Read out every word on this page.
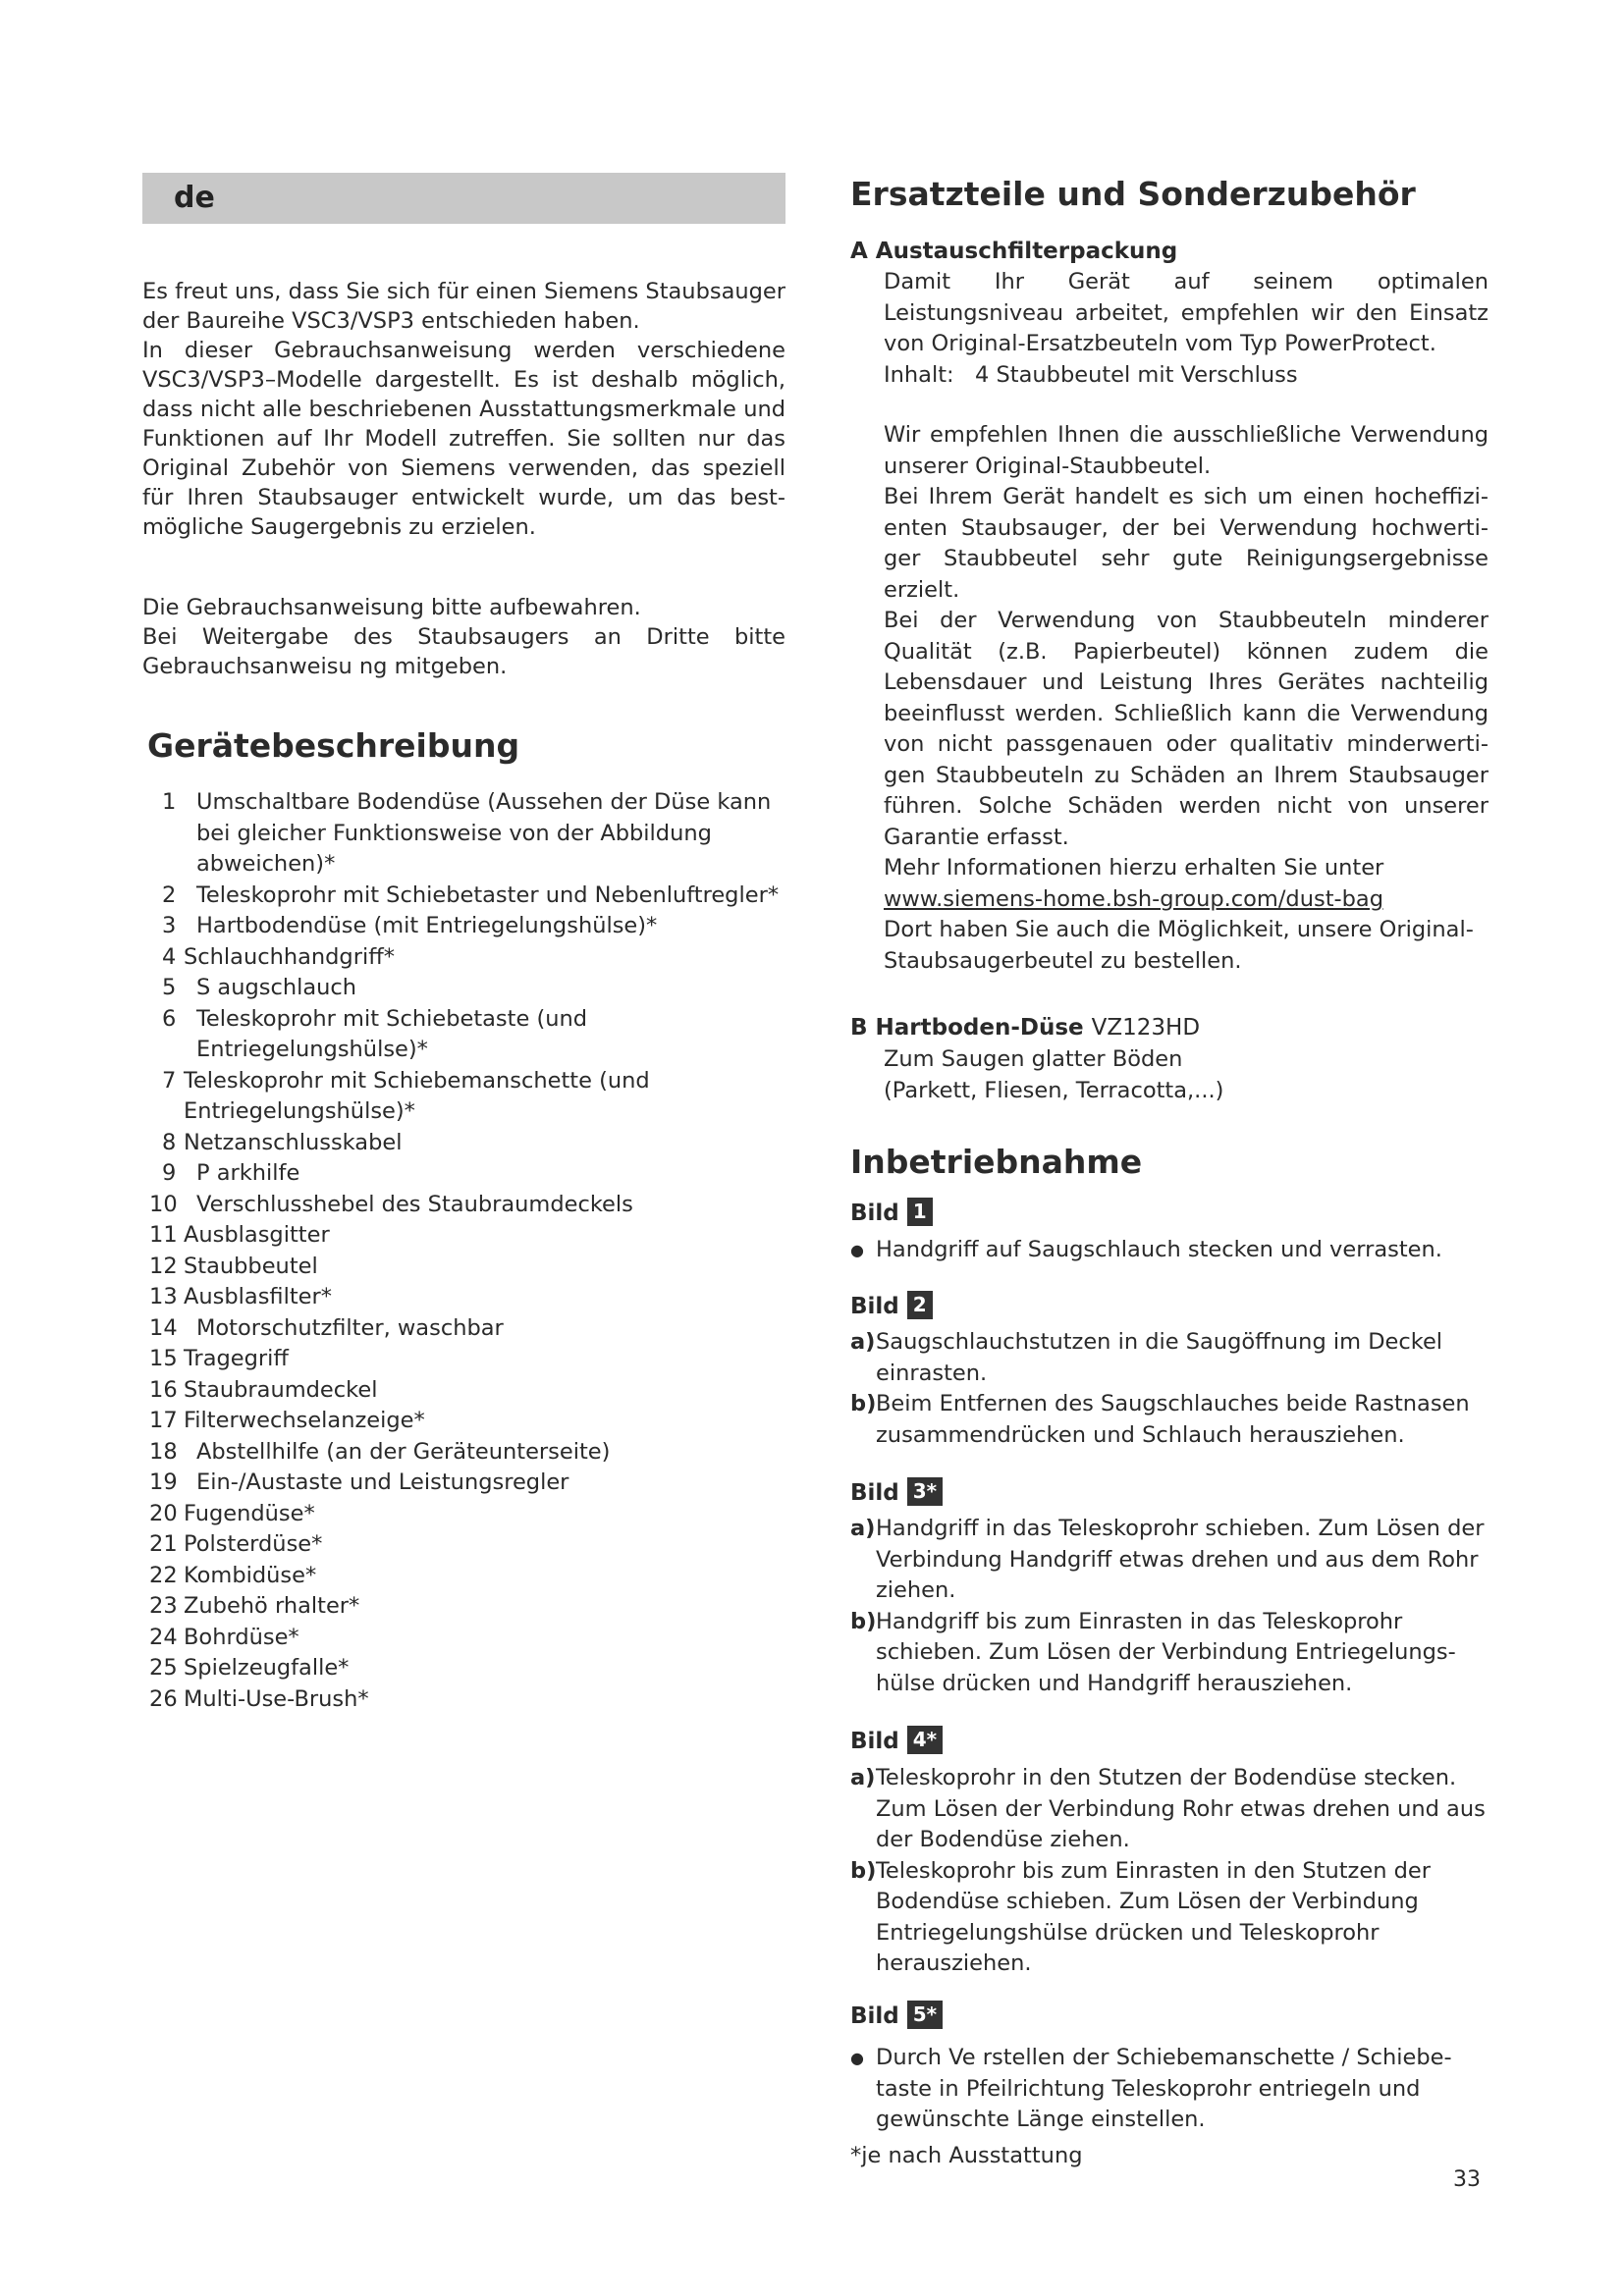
de

Es freut uns, dass Sie sich für einen Siemens Staubsauger der Baureihe VSC3/VSP3 entschieden haben.

In dieser Gebrauchsanweisung werden verschiedene VSC3/VSP3–Modelle dargestellt. Es ist deshalb möglich, dass nicht alle beschriebenen Ausstattungsmerkmale und Funktionen auf Ihr Modell zutreffen. Sie sollten nur das Original Zubehör von Siemens verwenden, das speziell für Ihren Staubsauger entwickelt wurde, um das best-mögliche Saugergebnis zu erzielen.

Die Gebrauchsanweisung bitte aufbewahren.

Bei Weitergabe des Staubsaugers an Dritte bitte Gebrauchsanweisu ng mitgeben.

Gerätebeschreibung
1 Umschaltbare Bodendüse (Aussehen der Düse kann bei gleicher Funktionsweise von der Abbildung abweichen)*
2 Teleskoprohr mit Schiebetaster und Nebenluftregler*
3 Hartbodendüse (mit Entriegelungshülse)*
4 Schlauchhandgriff*
5 S augschlauch
6 Teleskoprohr mit Schiebetaste (und Entriegelungshülse)*
7 Teleskoprohr mit Schiebemanschette (und Entriegelungshülse)*
8 Netzanschlusskabel
9 P arkhilfe
10 Verschlusshebel des Staubraumdeckels
11 Ausblasgitter
12 Staubbeutel
13 Ausblasfilter*
14 Motorschutzfilter, waschbar
15 Tragegriff
16 Staubraumdeckel
17 Filterwechselanzeige*
18 Abstellhilfe (an der Geräteunterseite)
19 Ein-/Austaste und Leistungsregler
20 Fugendüse*
21 Polsterdüse*
22 Kombidüse*
23 Zubehö rhalter*
24 Bohrdüse*
25 Spielzeugfalle*
26 Multi-Use-Brush*
Ersatzteile und Sonderzubehör

A Austauschfilterpackung

Damit Ihr Gerät auf seinem optimalen Leistungsniveau arbeitet, empfehlen wir den Einsatz von Original-Ersatzbeuteln vom Typ PowerProtect.

Inhalt:   4 Staubbeutel mit Verschluss

Wir empfehlen Ihnen die ausschließliche Verwendung unserer Original-Staubbeutel.

Bei Ihrem Gerät handelt es sich um einen hocheffizi-enten Staubsauger, der bei Verwendung hochwerti-ger Staubbeutel sehr gute Reinigungsergebnisse erzielt.

Bei der Verwendung von Staubbeuteln minderer Qualität (z.B. Papierbeutel) können zudem die Lebensdauer und Leistung Ihres Gerätes nachteilig beeinflusst werden. Schließlich kann die Verwendung von nicht passgenauen oder qualitativ minderwerti-gen Staubbeuteln zu Schäden an Ihrem Staubsauger führen. Solche Schäden werden nicht von unserer Garantie erfasst.

Mehr Informationen hierzu erhalten Sie unter

www.siemens-home.bsh-group.com/dust-bag

Dort haben Sie auch die Möglichkeit, unsere Original-Staubsaugerbeutel zu bestellen.

B Hartboden-Düse VZ123HD

Zum Saugen glatter Böden

(Parkett, Fliesen, Terracotta,...)

Inbetriebnahme
Bild 1
● Handgriff auf Saugschlauch stecken und verrasten.
Bild 2
a) Saugschlauchstutzen in die Saugöffnung im Deckel einrasten.
b) Beim Entfernen des Saugschlauches beide Rastnasen zusammendrücken und Schlauch herausziehen.
Bild 3*
a) Handgriff in das Teleskoprohr schieben. Zum Lösen der Verbindung Handgriff etwas drehen und aus dem Rohr ziehen.
b) Handgriff bis zum Einrasten in das Teleskoprohr schieben. Zum Lösen der Verbindung Entriegelungs-hülse drücken und Handgriff herausziehen.
Bild 4*
a) Teleskoprohr in den Stutzen der Bodendüse stecken. Zum Lösen der Verbindung Rohr etwas drehen und aus der Bodendüse ziehen.
b) Teleskoprohr bis zum Einrasten in den Stutzen der Bodendüse schieben. Zum Lösen der Verbindung Entriegelungshülse drücken und Teleskoprohr herausziehen.
Bild 5*
● Durch Ve rstellen der Schiebemanschette / Schiebe-taste in Pfeilrichtung Teleskoprohr entriegeln und gewünschte Länge einstellen.

*je nach Ausstattung

33
